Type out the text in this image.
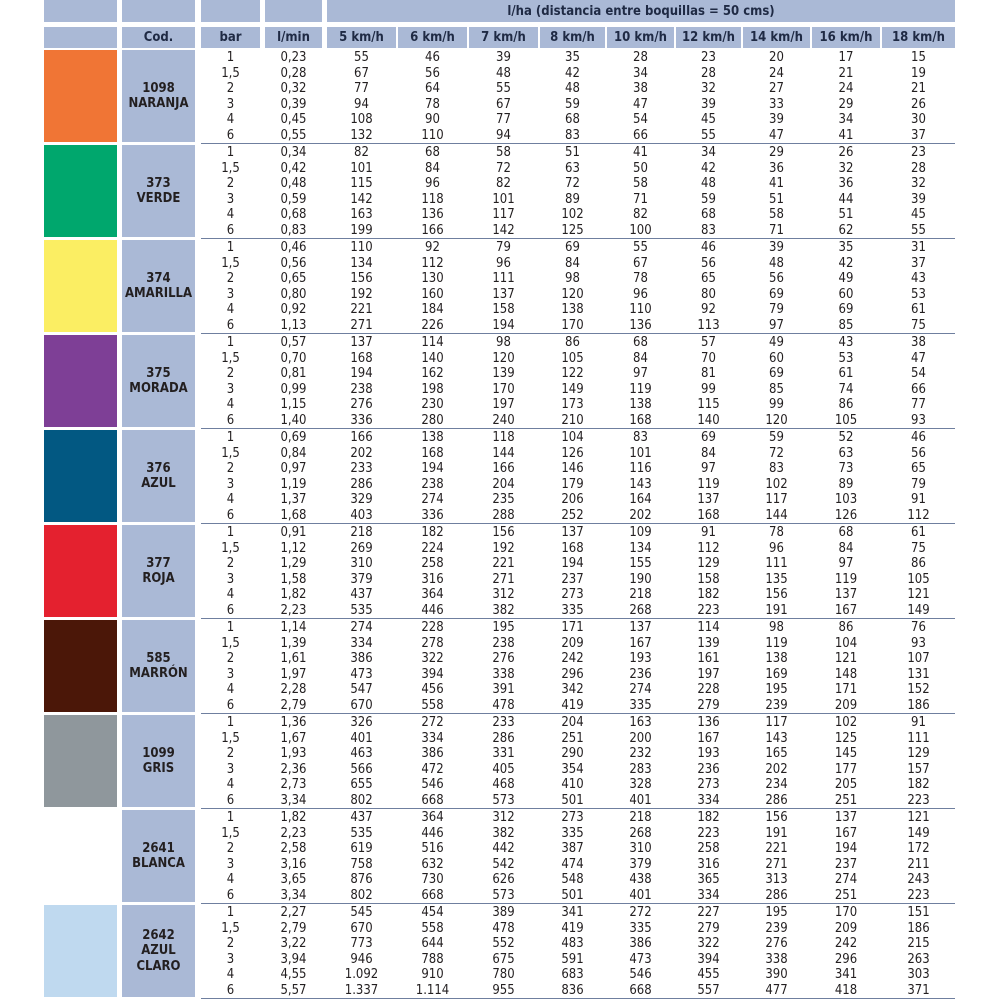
l/ha (distancia entre boquillas = 50 cms)
Cod.	bar	l/min	5 km/h	6 km/h	7 km/h	8 km/h	10 km/h	12 km/h	14 km/h	16 km/h	18 km/h
1098
NARANJA
1	0,23	55	46	39	35	28	23	20	17	15
1,5	0,28	67	56	48	42	34	28	24	21	19
2	0,32	77	64	55	48	38	32	27	24	21
3	0,39	94	78	67	59	47	39	33	29	26
4	0,45	108	90	77	68	54	45	39	34	30
6	0,55	132	110	94	83	66	55	47	41	37
373
VERDE
1	0,34	82	68	58	51	41	34	29	26	23
1,5	0,42	101	84	72	63	50	42	36	32	28
2	0,48	115	96	82	72	58	48	41	36	32
3	0,59	142	118	101	89	71	59	51	44	39
4	0,68	163	136	117	102	82	68	58	51	45
6	0,83	199	166	142	125	100	83	71	62	55
374
AMARILLA
1	0,46	110	92	79	69	55	46	39	35	31
1,5	0,56	134	112	96	84	67	56	48	42	37
2	0,65	156	130	111	98	78	65	56	49	43
3	0,80	192	160	137	120	96	80	69	60	53
4	0,92	221	184	158	138	110	92	79	69	61
6	1,13	271	226	194	170	136	113	97	85	75
375
MORADA
1	0,57	137	114	98	86	68	57	49	43	38
1,5	0,70	168	140	120	105	84	70	60	53	47
2	0,81	194	162	139	122	97	81	69	61	54
3	0,99	238	198	170	149	119	99	85	74	66
4	1,15	276	230	197	173	138	115	99	86	77
6	1,40	336	280	240	210	168	140	120	105	93
376
AZUL
1	0,69	166	138	118	104	83	69	59	52	46
1,5	0,84	202	168	144	126	101	84	72	63	56
2	0,97	233	194	166	146	116	97	83	73	65
3	1,19	286	238	204	179	143	119	102	89	79
4	1,37	329	274	235	206	164	137	117	103	91
6	1,68	403	336	288	252	202	168	144	126	112
377
ROJA
1	0,91	218	182	156	137	109	91	78	68	61
1,5	1,12	269	224	192	168	134	112	96	84	75
2	1,29	310	258	221	194	155	129	111	97	86
3	1,58	379	316	271	237	190	158	135	119	105
4	1,82	437	364	312	273	218	182	156	137	121
6	2,23	535	446	382	335	268	223	191	167	149
585
MARRÓN
1	1,14	274	228	195	171	137	114	98	86	76
1,5	1,39	334	278	238	209	167	139	119	104	93
2	1,61	386	322	276	242	193	161	138	121	107
3	1,97	473	394	338	296	236	197	169	148	131
4	2,28	547	456	391	342	274	228	195	171	152
6	2,79	670	558	478	419	335	279	239	209	186
1099
GRIS
1	1,36	326	272	233	204	163	136	117	102	91
1,5	1,67	401	334	286	251	200	167	143	125	111
2	1,93	463	386	331	290	232	193	165	145	129
3	2,36	566	472	405	354	283	236	202	177	157
4	2,73	655	546	468	410	328	273	234	205	182
6	3,34	802	668	573	501	401	334	286	251	223
2641
BLANCA
1	1,82	437	364	312	273	218	182	156	137	121
1,5	2,23	535	446	382	335	268	223	191	167	149
2	2,58	619	516	442	387	310	258	221	194	172
3	3,16	758	632	542	474	379	316	271	237	211
4	3,65	876	730	626	548	438	365	313	274	243
6	3,34	802	668	573	501	401	334	286	251	223
2642
AZUL
CLARO
1	2,27	545	454	389	341	272	227	195	170	151
1,5	2,79	670	558	478	419	335	279	239	209	186
2	3,22	773	644	552	483	386	322	276	242	215
3	3,94	946	788	675	591	473	394	338	296	263
4	4,55	1.092	910	780	683	546	455	390	341	303
6	5,57	1.337	1.114	955	836	668	557	477	418	371
